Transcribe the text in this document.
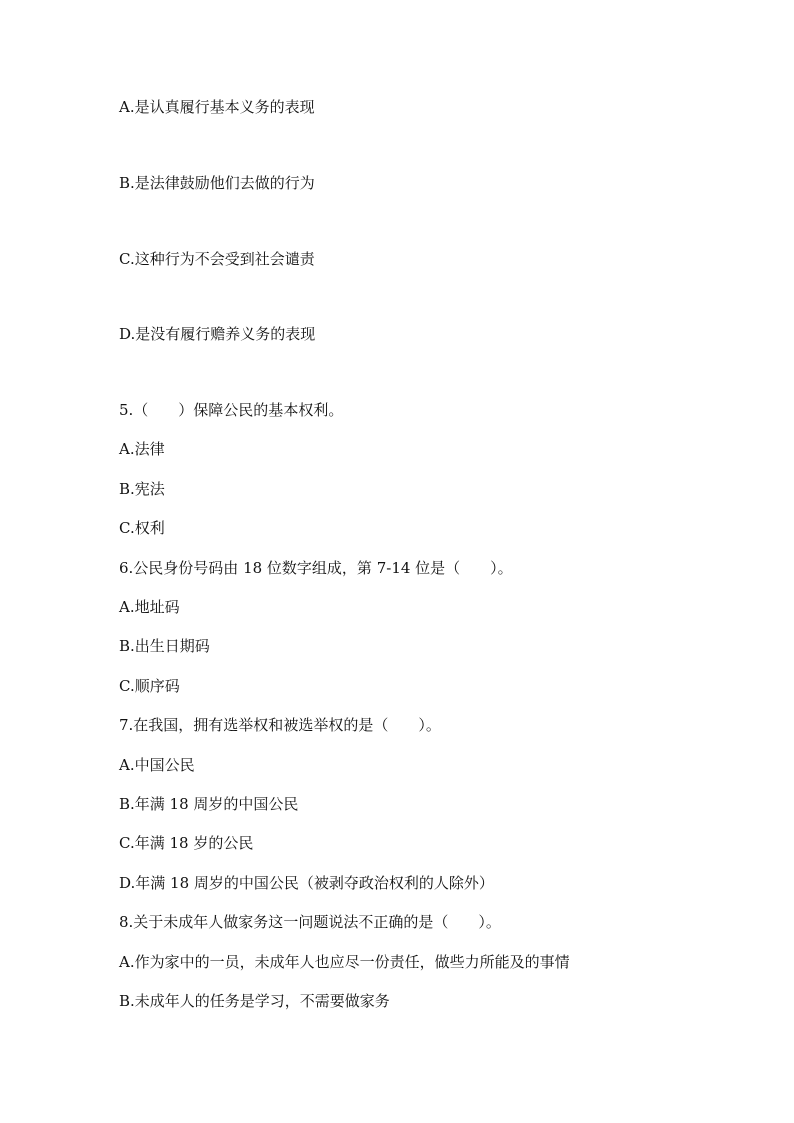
A.是认真履行基本义务的表现

B.是法律鼓励他们去做的行为

C.这种行为不会受到社会谴责

D.是没有履行赡养义务的表现

5.（　　）保障公民的基本权利。

A.法律

B.宪法

C.权利

6.公民身份号码由 18 位数字组成，第 7-14 位是（　　）。

A.地址码

B.出生日期码

C.顺序码

7.在我国，拥有选举权和被选举权的是（　　）。

A.中国公民

B.年满 18 周岁的中国公民

C.年满 18 岁的公民

D.年满 18 周岁的中国公民（被剥夺政治权利的人除外）

8.关于未成年人做家务这一问题说法不正确的是（　　）。

A.作为家中的一员，未成年人也应尽一份责任，做些力所能及的事情

B.未成年人的任务是学习，不需要做家务
